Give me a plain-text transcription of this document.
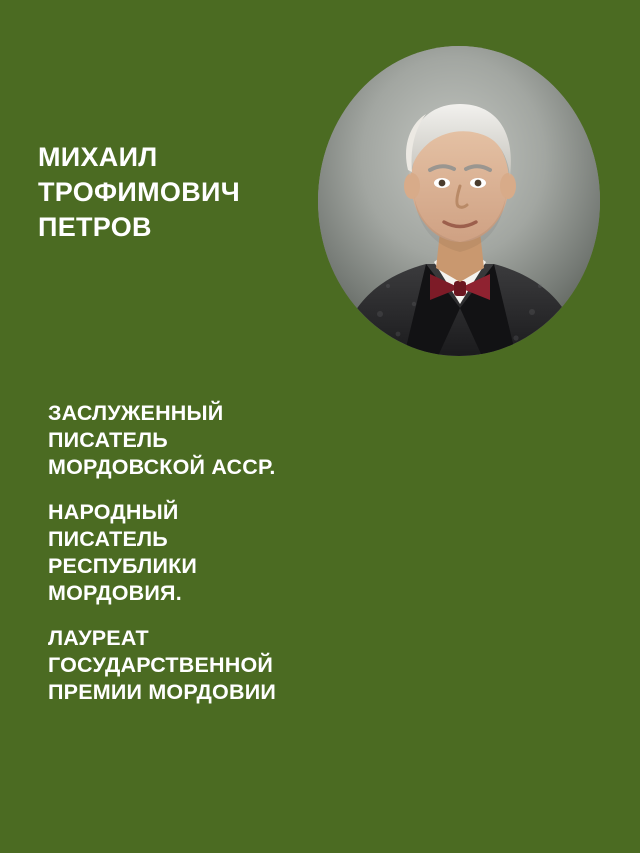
МИХАИЛ
ТРОФИМОВИЧ
ПЕТРОВ
ЗАСЛУЖЕННЫЙ
ПИСАТЕЛЬ
МОРДОВСКОЙ АССР.
НАРОДНЫЙ
ПИСАТЕЛЬ
РЕСПУБЛИКИ
МОРДОВИЯ.
ЛАУРЕАТ
ГОСУДАРСТВЕННОЙ
ПРЕМИИ МОРДОВИИ
